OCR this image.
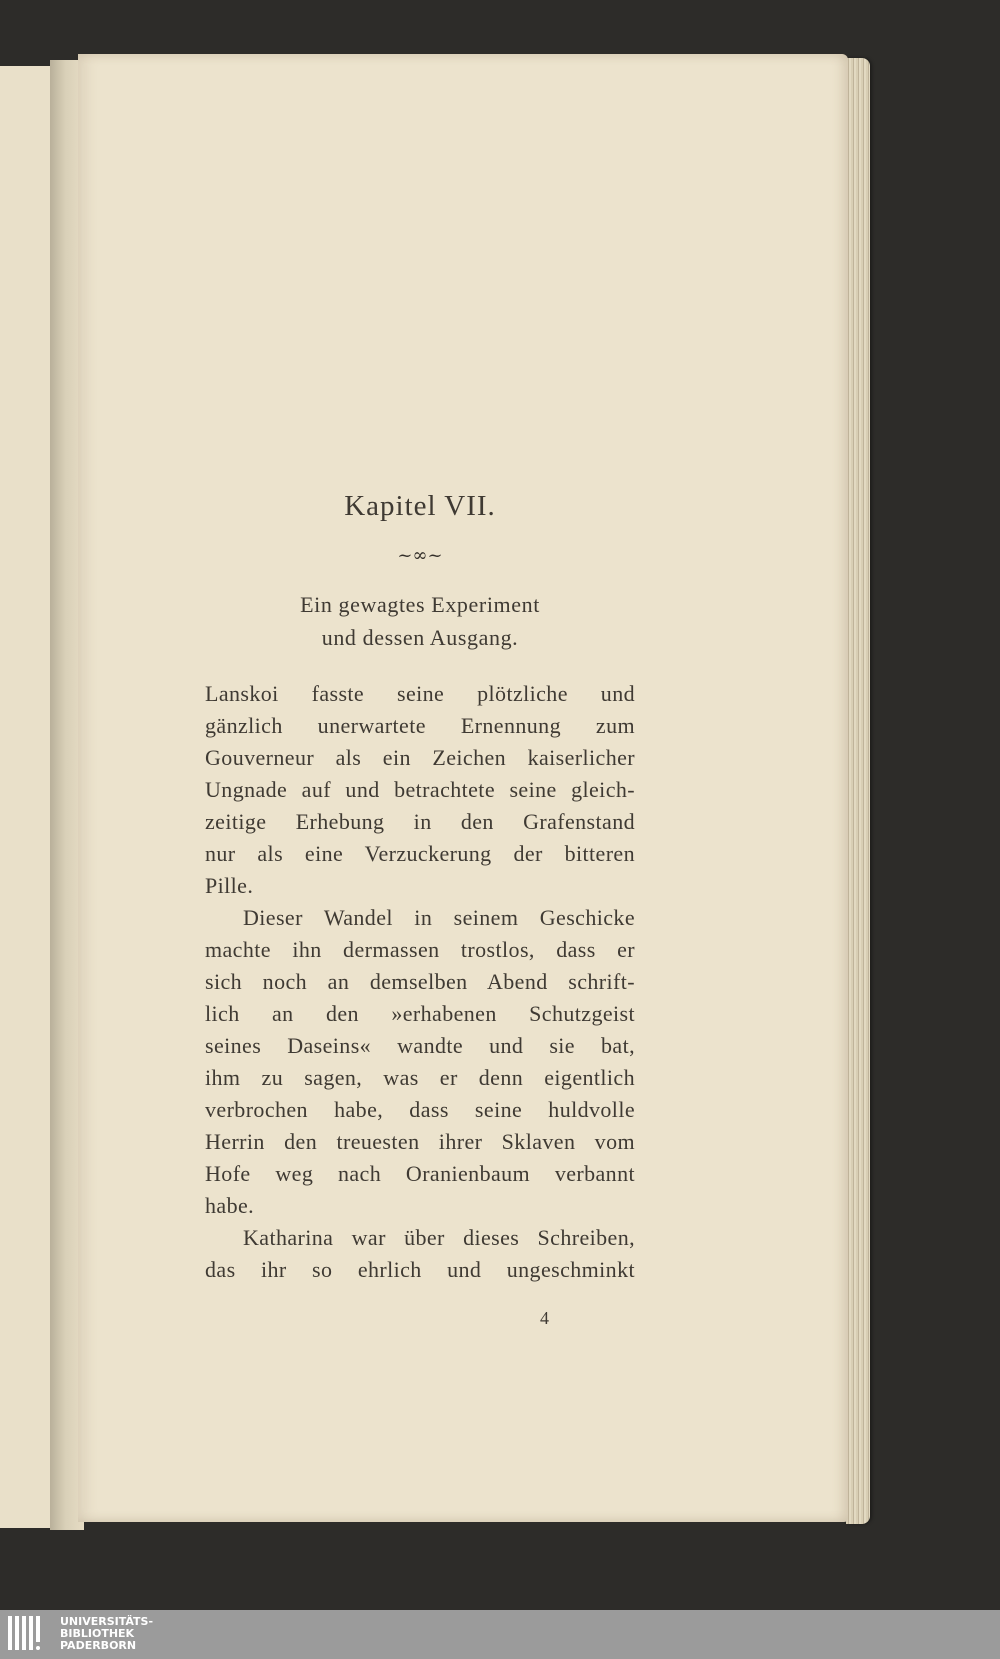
Kapitel VII.
~∞~
Ein gewagtes Experiment
und dessen Ausgang.
Lanskoi fasste seine plötzliche und
gänzlich unerwartete Ernennung zum
Gouverneur als ein Zeichen kaiserlicher
Ungnade auf und betrachtete seine gleich-
zeitige Erhebung in den Grafenstand
nur als eine Verzuckerung der bitteren
Pille.
Dieser Wandel in seinem Geschicke
machte ihn dermassen trostlos, dass er
sich noch an demselben Abend schrift-
lich an den »erhabenen Schutzgeist
seines Daseins« wandte und sie bat,
ihm zu sagen, was er denn eigentlich
verbrochen habe, dass seine huldvolle
Herrin den treuesten ihrer Sklaven vom
Hofe weg nach Oranienbaum verbannt
habe.
Katharina war über dieses Schreiben,
das ihr so ehrlich und ungeschminkt
4
UNIVERSITÄTS-
BIBLIOTHEK
PADERBORN
